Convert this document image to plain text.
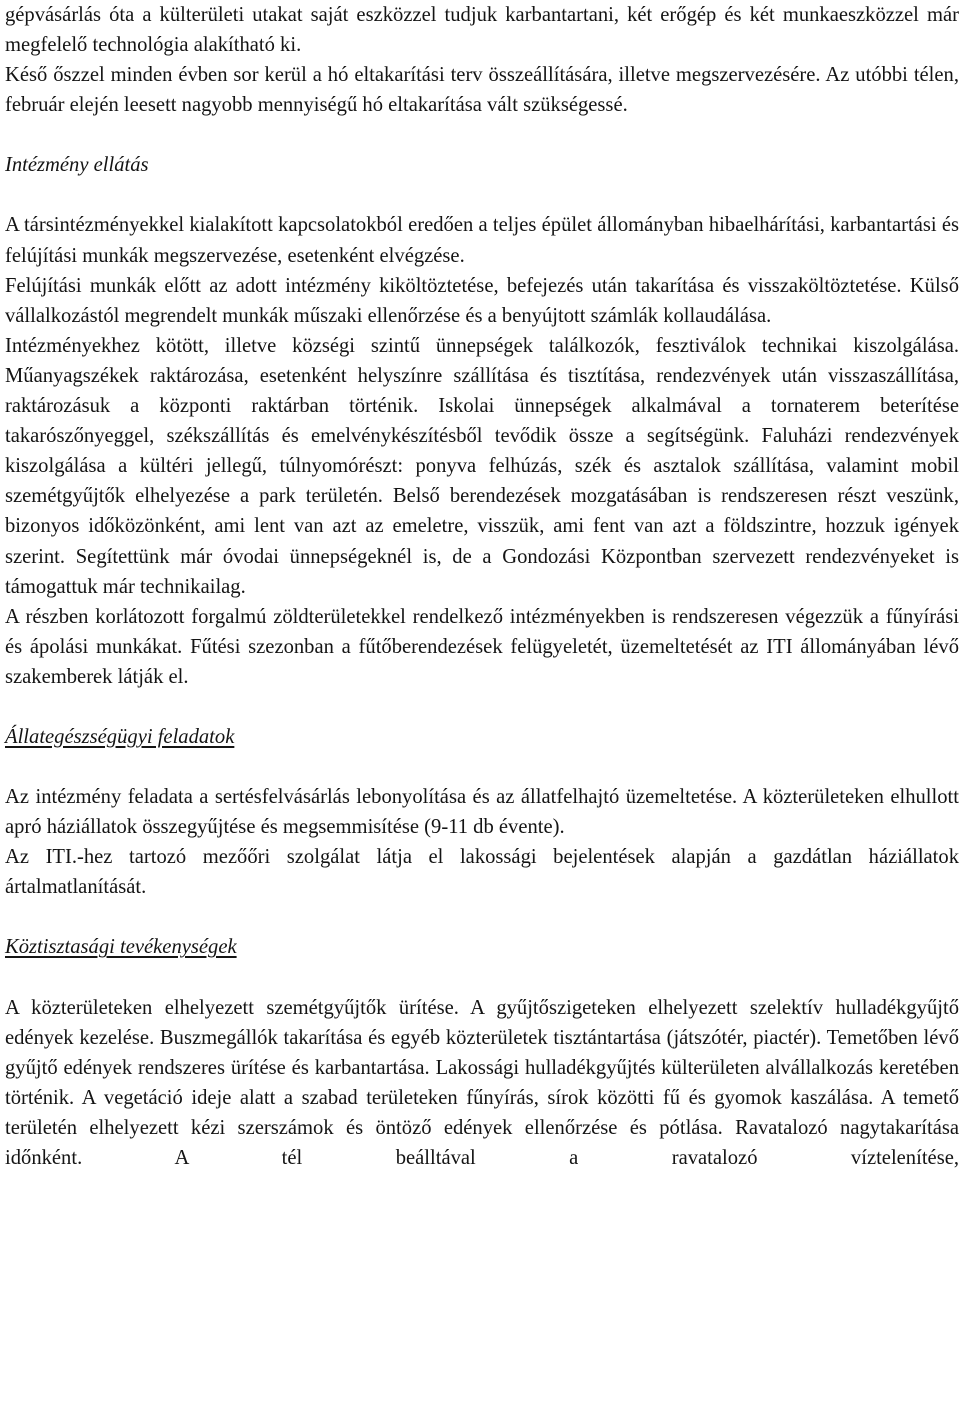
gépvásárlás óta a külterületi utakat saját eszközzel tudjuk karbantartani, két erőgép és két munkaeszközzel már megfelelő technológia alakítható ki.

Késő őszzel minden évben sor kerül a hó eltakarítási terv összeállítására, illetve megszervezésére. Az utóbbi télen, február elején leesett nagyobb mennyiségű hó eltakarítása vált szükségessé.

Intézmény ellátás

A társintézményekkel kialakított kapcsolatokból eredően a teljes épület állományban hibaelhárítási, karbantartási és felújítási munkák megszervezése, esetenként elvégzése.

Felújítási munkák előtt az adott intézmény kiköltöztetése, befejezés után takarítása és visszaköltöztetése. Külső vállalkozástól megrendelt munkák műszaki ellenőrzése és a benyújtott számlák kollaudálása.

Intézményekhez kötött, illetve községi szintű ünnepségek találkozók, fesztiválok technikai kiszolgálása. Műanyagszékek raktározása, esetenként helyszínre szállítása és tisztítása, rendezvények után visszaszállítása, raktározásuk a központi raktárban történik. Iskolai ünnepségek alkalmával a tornaterem beterítése takarószőnyeggel, székszállítás és emelvénykészítésből tevődik össze a segítségünk. Faluházi rendezvények kiszolgálása a kültéri jellegű, túlnyomórészt: ponyva felhúzás, szék és asztalok szállítása, valamint mobil szemétgyűjtők elhelyezése a park területén. Belső berendezések mozgatásában is rendszeresen részt veszünk, bizonyos időközönként, ami lent van azt az emeletre, visszük, ami fent van azt a földszintre, hozzuk igények szerint. Segítettünk már óvodai ünnepségeknél is, de a Gondozási Központban szervezett rendezvényeket is támogattuk már technikailag.

A részben korlátozott forgalmú zöldterületekkel rendelkező intézményekben is rendszeresen végezzük a fűnyírási és ápolási munkákat. Fűtési szezonban a fűtőberendezések felügyeletét, üzemeltetését az ITI állományában lévő szakemberek látják el.

Állategészségügyi feladatok

Az intézmény feladata a sertésfelvásárlás lebonyolítása és az állatfelhajtó üzemeltetése. A közterületeken elhullott apró háziállatok összegyűjtése és megsemmisítése (9-11 db évente).

Az ITI.-hez tartozó mezőőri szolgálat látja el lakossági bejelentések alapján a gazdátlan háziállatok ártalmatlanítását.

Köztisztasági tevékenységek

A közterületeken elhelyezett szemétgyűjtők ürítése. A gyűjtőszigeteken elhelyezett szelektív hulladékgyűjtő edények kezelése. Buszmegállók takarítása és egyéb közterületek tisztántartása (játszótér, piactér). Temetőben lévő gyűjtő edények rendszeres ürítése és karbantartása. Lakossági hulladékgyűjtés külterületen alvállalkozás keretében történik. A vegetáció ideje alatt a szabad területeken fűnyírás, sírok közötti fű és gyomok kaszálása. A temető területén elhelyezett kézi szerszámok és öntöző edények ellenőrzése és pótlása. Ravatalozó nagytakarítása időnként. A tél beálltával a ravatalozó víztelenítése,
